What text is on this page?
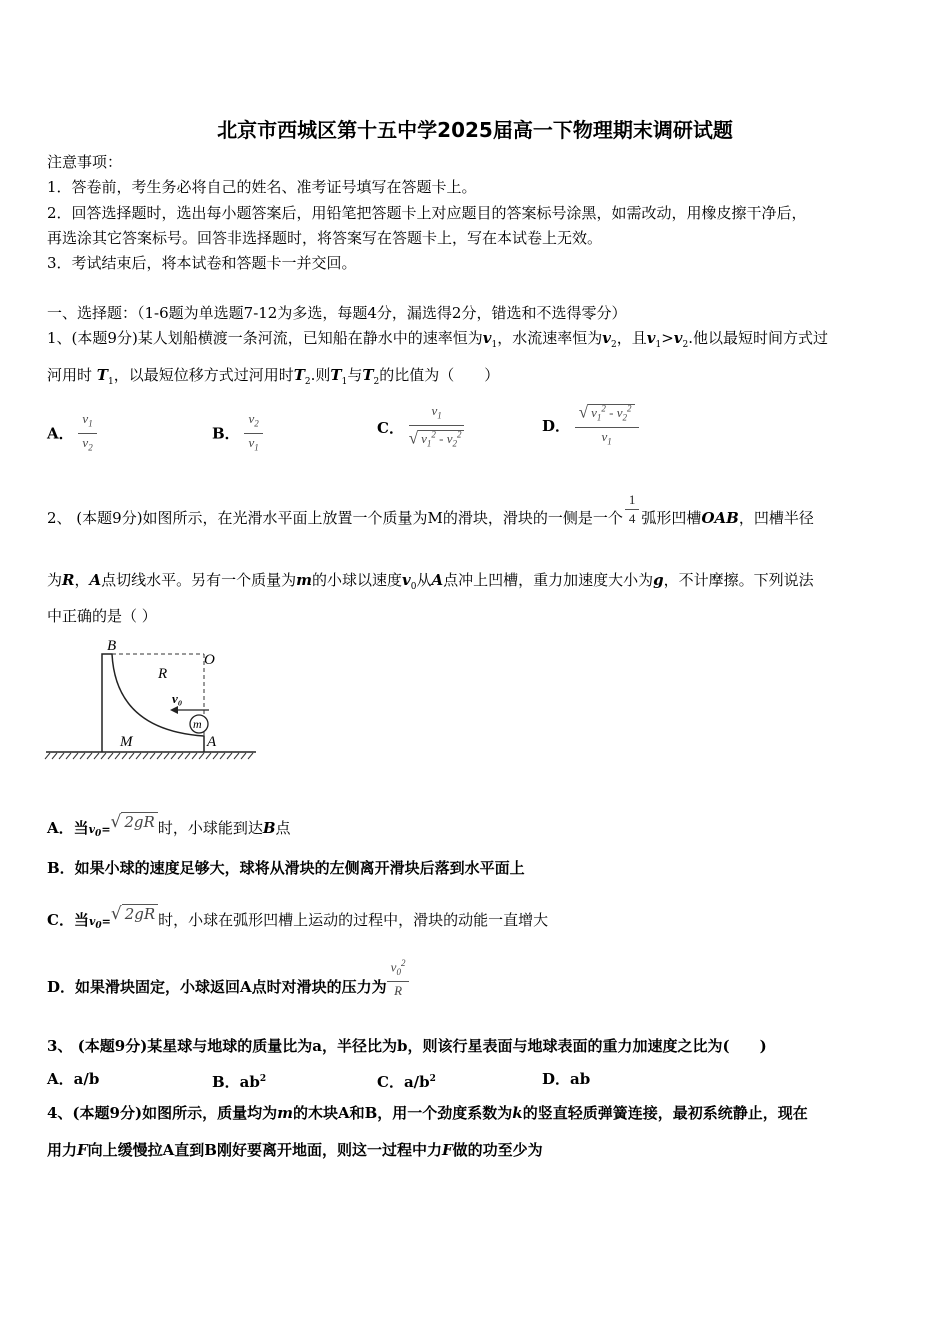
北京市西城区第十五中学2025届高一下物理期末调研试题
注意事项：
1．答卷前，考生务必将自己的姓名、准考证号填写在答题卡上。
2．回答选择题时，选出每小题答案后，用铅笔把答题卡上对应题目的答案标号涂黑，如需改动，用橡皮擦干净后，
再选涂其它答案标号。回答非选择题时，将答案写在答题卡上，写在本试卷上无效。
3．考试结束后，将本试卷和答题卡一并交回。
一、选择题：（1-6题为单选题7-12为多选，每题4分，漏选得2分，错选和不选得零分）
1、(本题9分)某人划船横渡一条河流，已知船在静水中的速率恒为$v_1$，水流速率恒为$v_2$，且$v_1>v_2$.他以最短时间方式过
河用时 $T_1$，以最短位移方式过河用时$T_2$.则$T_1$与$T_2$的比值为（　　）
A． $\frac{v_1}{v_2}$	B． $\frac{v_2}{v_1}$	C． $\frac{v_1}{√ v_1^2 - v_2^2}$	D． $\frac{√ v_1^2 - v_2^2}{v_1}$
2、 (本题9分)如图所示，在光滑水平面上放置一个质量为M的滑块，滑块的一侧是一个 $\frac{1}{4}$ 弧形凹槽OAB，凹槽半径
为R，A点切线水平。另有一个质量为m的小球以速度$v_0$从A点冲上凹槽，重力加速度大小为g，不计摩擦。下列说法
中正确的是（ ）
B
O
R
v₀
m
A
M
A．当$v_0=√$ 2gR 时，小球能到达B点
B．如果小球的速度足够大，球将从滑块的左侧离开滑块后落到水平面上
C．当$v_0=√$ 2gR 时，小球在弧形凹槽上运动的过程中，滑块的动能一直增大
D．如果滑块固定，小球返回A点时对滑块的压力为 $\frac{v_0^2}{R}$
3、 (本题9分)某星球与地球的质量比为a，半径比为b，则该行星表面与地球表面的重力加速度之比为(　　)
A．a/b	B．$ab^2$	C．$a/b^2$	D．ab
4、(本题9分)如图所示，质量均为m的木块A和B，用一个劲度系数为k的竖直轻质弹簧连接，最初系统静止，现在
用力F向上缓慢拉A直到B刚好要离开地面，则这一过程中力F做的功至少为
